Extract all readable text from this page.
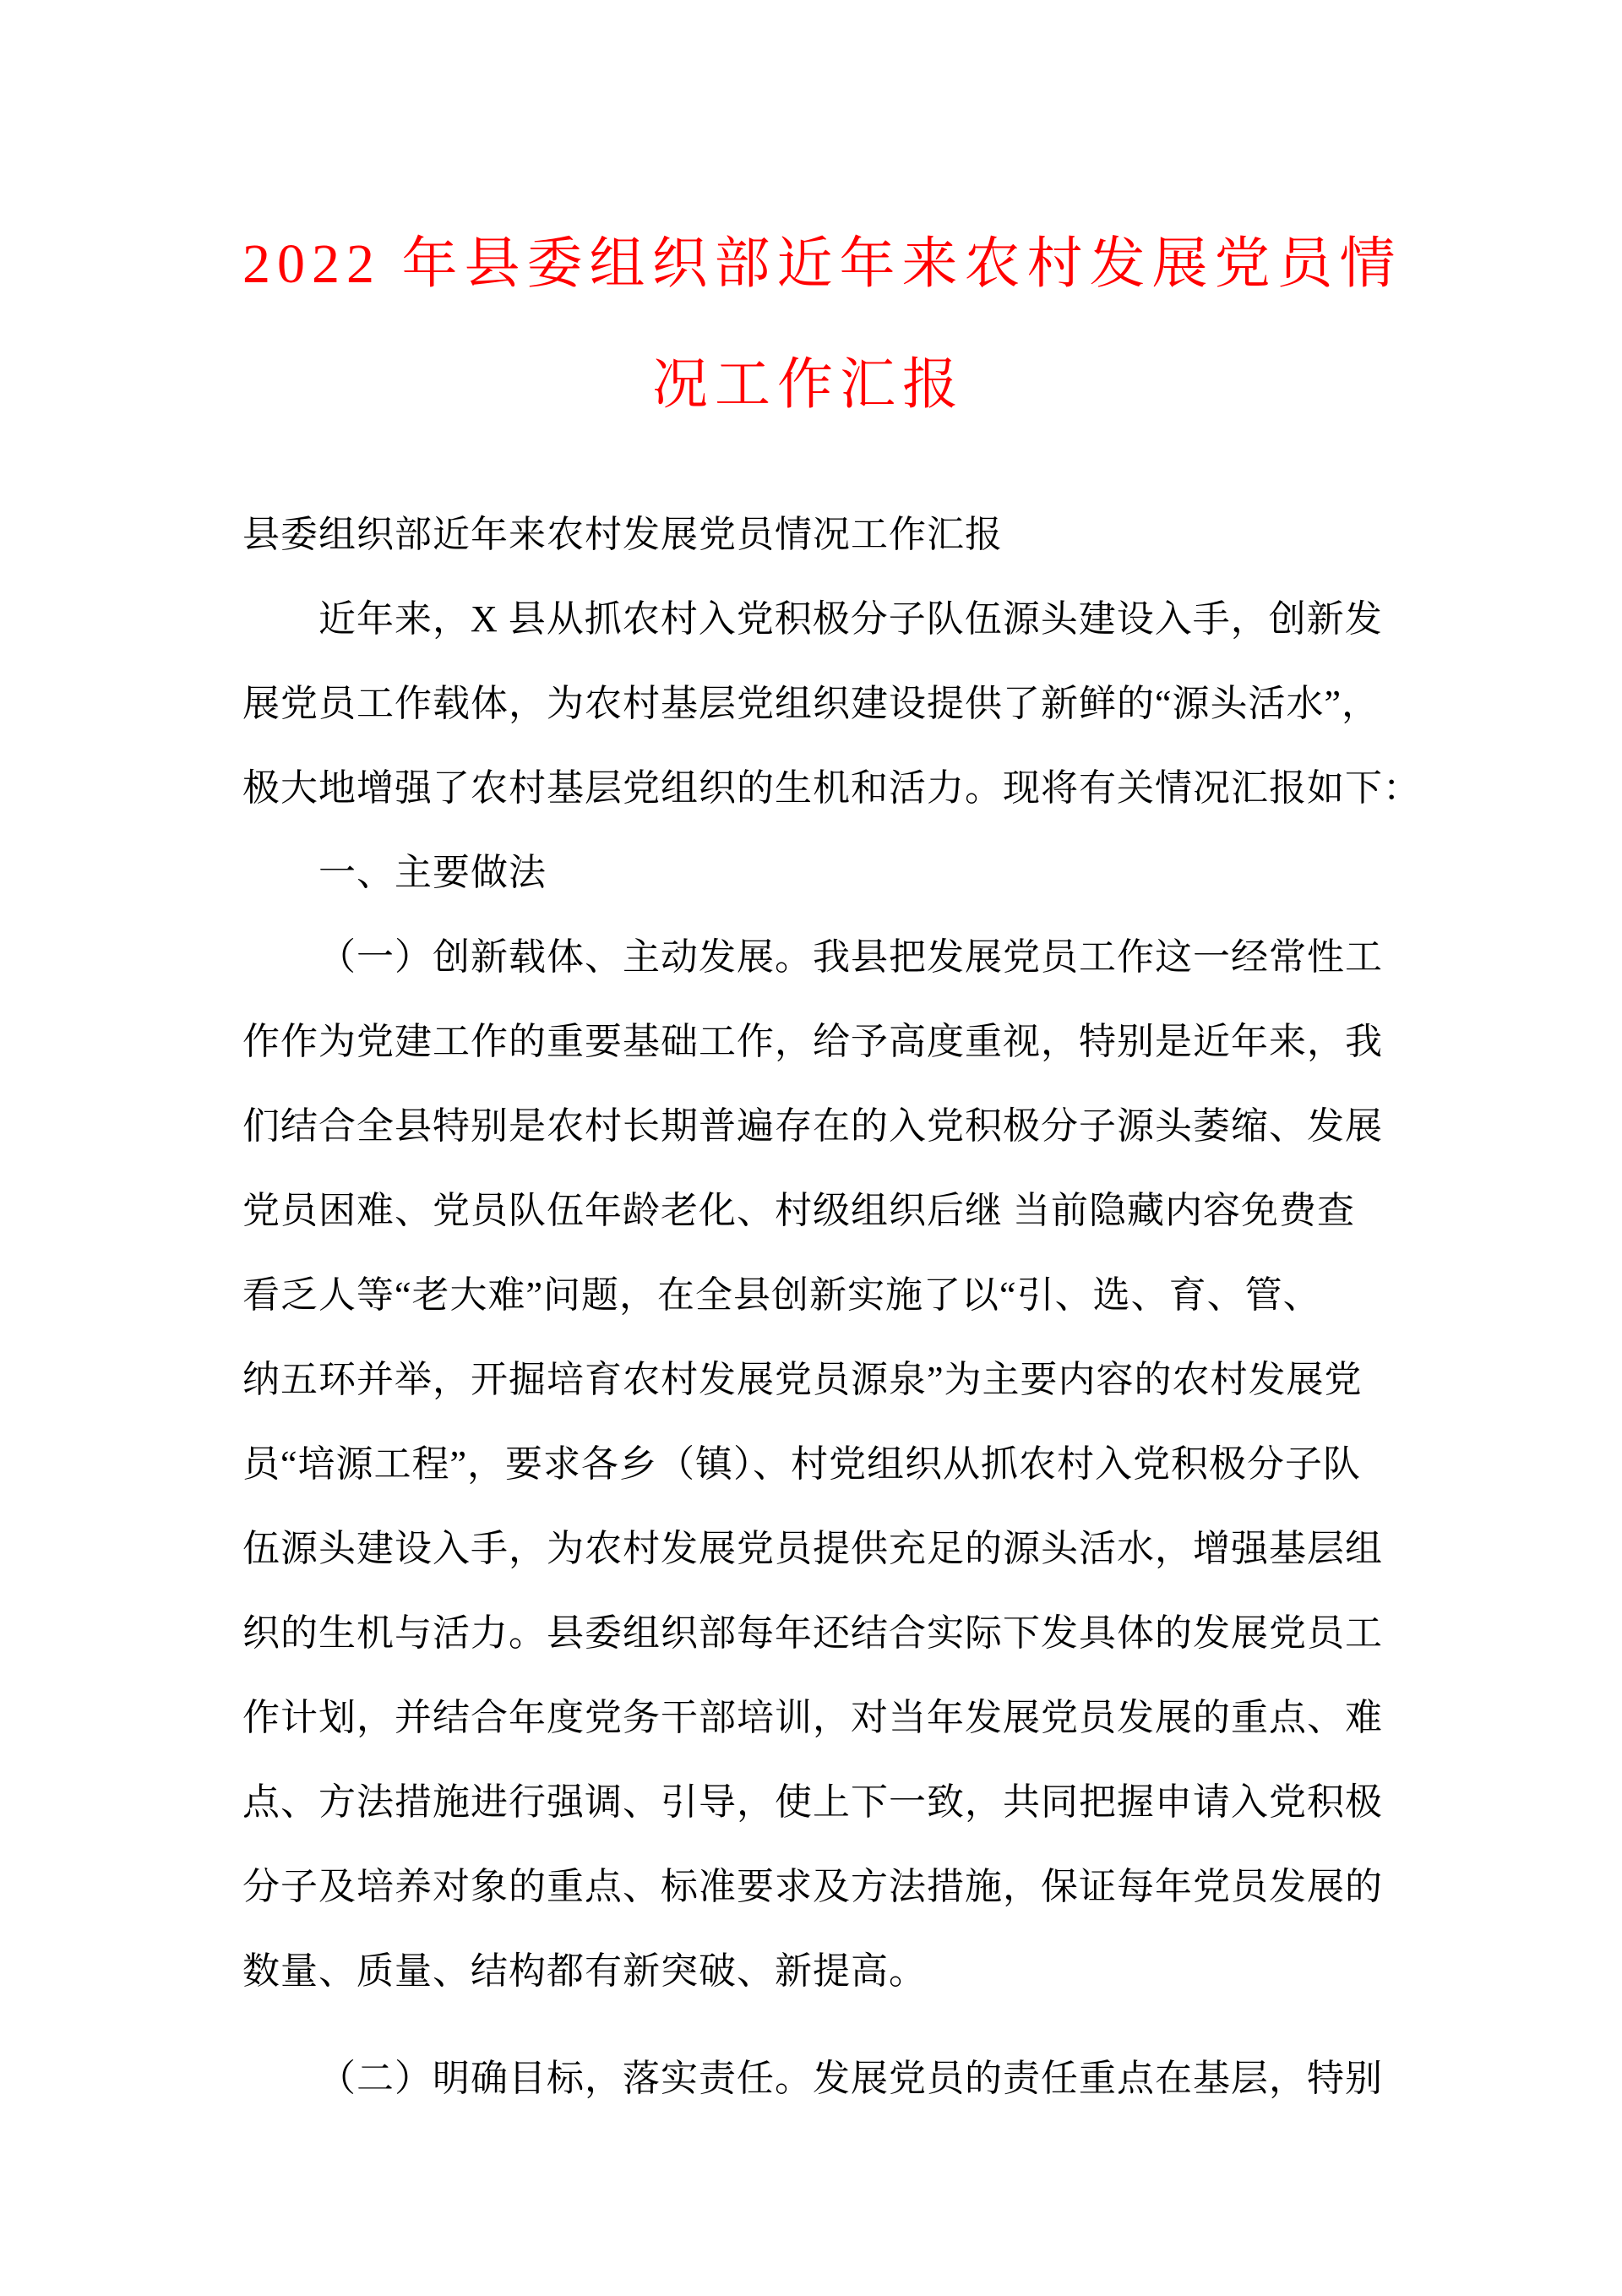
2022 年县委组织部近年来农村发展党员情
况工作汇报
县委组织部近年来农村发展党员情况工作汇报
近年来，X 县从抓农村入党积极分子队伍源头建设入手，创新发
展党员工作载体，为农村基层党组织建设提供了新鲜的“源头活水”，
极大地增强了农村基层党组织的生机和活力。现将有关情况汇报如下：
一、主要做法
（一）创新载体、主动发展。我县把发展党员工作这一经常性工
作作为党建工作的重要基础工作，给予高度重视，特别是近年来，我
们结合全县特别是农村长期普遍存在的入党积极分子源头萎缩、发展
党员困难、党员队伍年龄老化、村级组织后继 当前隐藏内容免费查
看乏人等“老大难”问题，在全县创新实施了以“引、选、育、管、
纳五环并举，开掘培育农村发展党员源泉”为主要内容的农村发展党
员“培源工程”，要求各乡（镇）、村党组织从抓农村入党积极分子队
伍源头建设入手，为农村发展党员提供充足的源头活水，增强基层组
织的生机与活力。县委组织部每年还结合实际下发具体的发展党员工
作计划，并结合年度党务干部培训，对当年发展党员发展的重点、难
点、方法措施进行强调、引导，使上下一致，共同把握申请入党积极
分子及培养对象的重点、标准要求及方法措施，保证每年党员发展的
数量、质量、结构都有新突破、新提高。
（二）明确目标，落实责任。发展党员的责任重点在基层，特别
